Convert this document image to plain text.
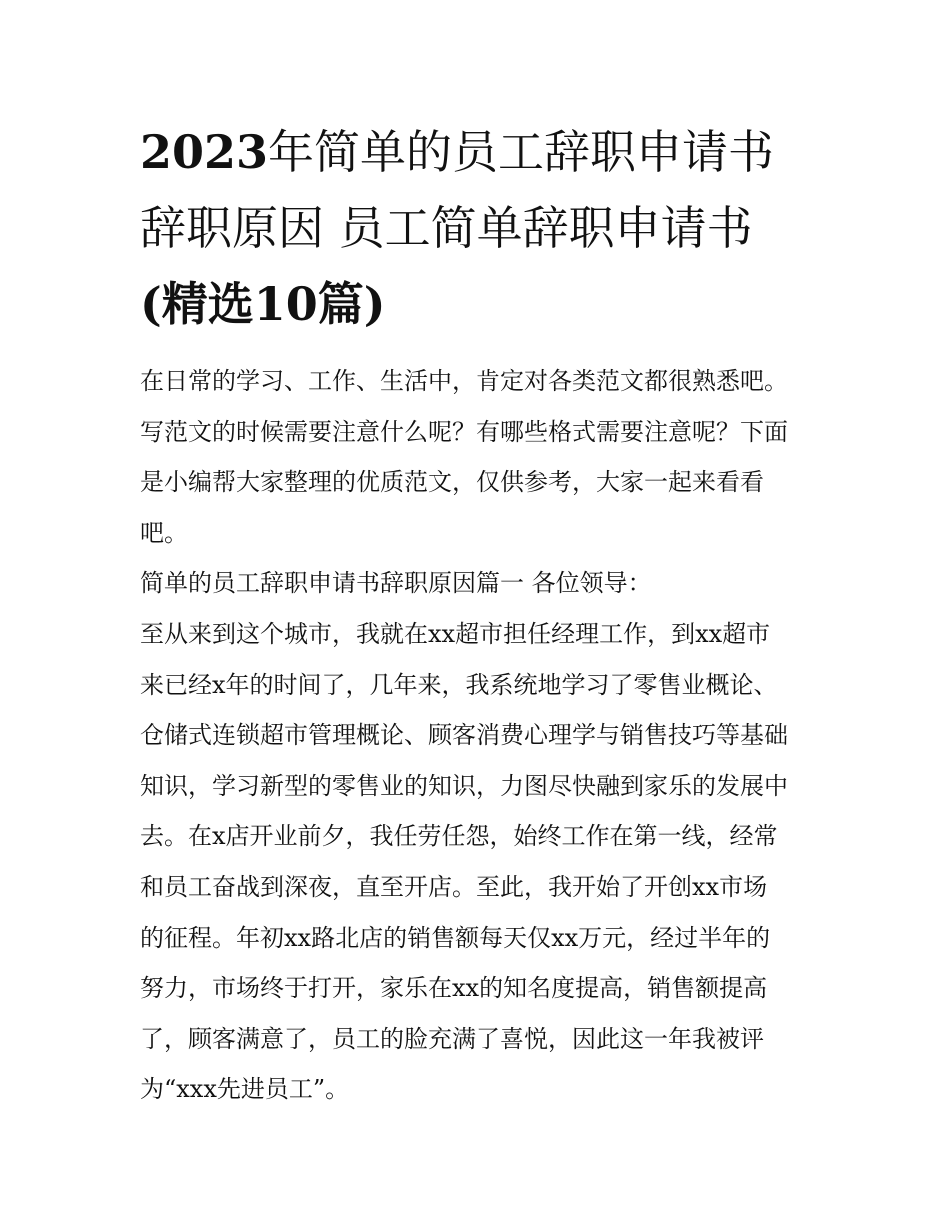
2023年简单的员工辞职申请书
辞职原因 员工简单辞职申请书
(精选10篇)
在日常的学习、工作、生活中，肯定对各类范文都很熟悉吧。
写范文的时候需要注意什么呢？有哪些格式需要注意呢？下面
是小编帮大家整理的优质范文，仅供参考，大家一起来看看
吧。
简单的员工辞职申请书辞职原因篇一 各位领导：
至从来到这个城市，我就在xx超市担任经理工作，到xx超市
来已经x年的时间了，几年来，我系统地学习了零售业概论、
仓储式连锁超市管理概论、顾客消费心理学与销售技巧等基础
知识，学习新型的零售业的知识，力图尽快融到家乐的发展中
去。在x店开业前夕，我任劳任怨，始终工作在第一线，经常
和员工奋战到深夜，直至开店。至此，我开始了开创xx市场
的征程。年初xx路北店的销售额每天仅xx万元，经过半年的
努力，市场终于打开，家乐在xx的知名度提高，销售额提高
了，顾客满意了，员工的脸充满了喜悦，因此这一年我被评
为“xxx先进员工”。
